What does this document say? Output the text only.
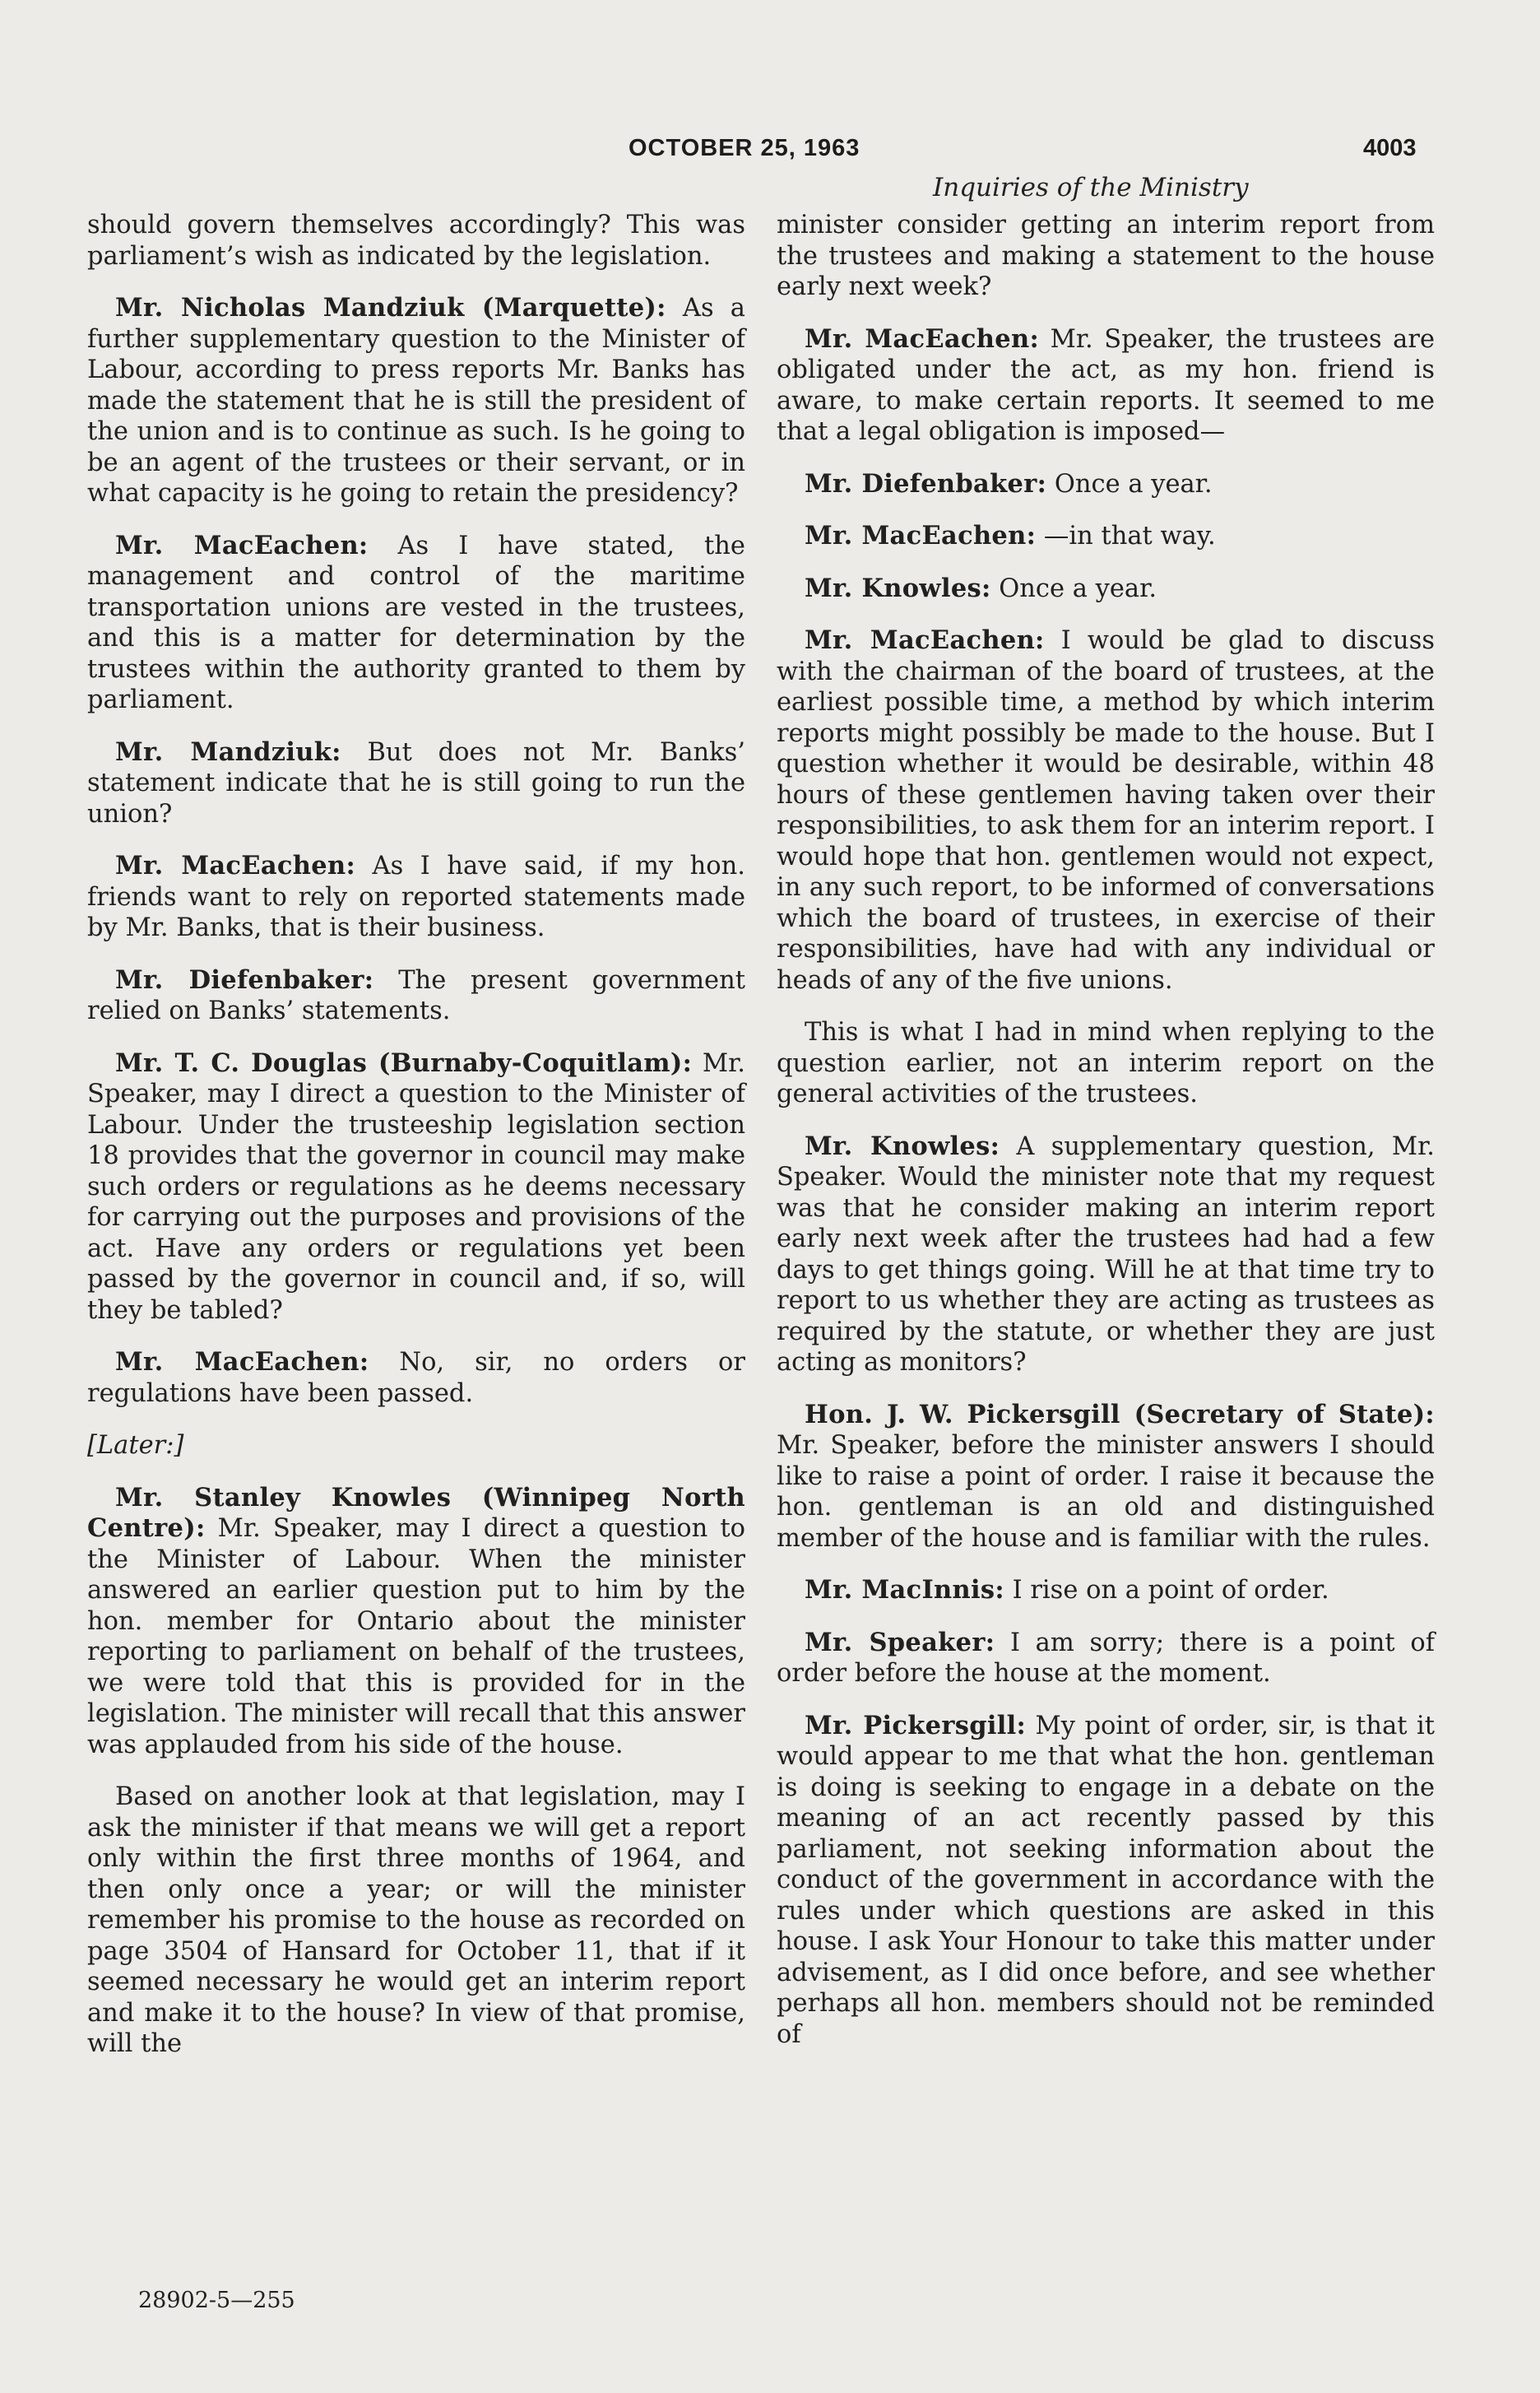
OCTOBER 25, 1963	4003
Inquiries of the Ministry

should govern themselves accordingly? This was parliament’s wish as indicated by the legislation.

Mr. Nicholas Mandziuk (Marquette): As a further supplementary question to the Minister of Labour, according to press reports Mr. Banks has made the statement that he is still the president of the union and is to continue as such. Is he going to be an agent of the trustees or their servant, or in what capacity is he going to retain the presidency?

Mr. MacEachen: As I have stated, the management and control of the maritime transportation unions are vested in the trustees, and this is a matter for determination by the trustees within the authority granted to them by parliament.

Mr. Mandziuk: But does not Mr. Banks’ statement indicate that he is still going to run the union?

Mr. MacEachen: As I have said, if my hon. friends want to rely on reported statements made by Mr. Banks, that is their business.

Mr. Diefenbaker: The present government relied on Banks’ statements.

Mr. T. C. Douglas (Burnaby-Coquitlam): Mr. Speaker, may I direct a question to the Minister of Labour. Under the trusteeship legislation section 18 provides that the governor in council may make such orders or regulations as he deems necessary for carrying out the purposes and provisions of the act. Have any orders or regulations yet been passed by the governor in council and, if so, will they be tabled?

Mr. MacEachen: No, sir, no orders or regulations have been passed.

[Later:]

Mr. Stanley Knowles (Winnipeg North Centre): Mr. Speaker, may I direct a question to the Minister of Labour. When the minister answered an earlier question put to him by the hon. member for Ontario about the minister reporting to parliament on behalf of the trustees, we were told that this is provided for in the legislation. The minister will recall that this answer was applauded from his side of the house.

Based on another look at that legislation, may I ask the minister if that means we will get a report only within the first three months of 1964, and then only once a year; or will the minister remember his promise to the house as recorded on page 3504 of Hansard for October 11, that if it seemed necessary he would get an interim report and make it to the house? In view of that promise, will the

minister consider getting an interim report from the trustees and making a statement to the house early next week?

Mr. MacEachen: Mr. Speaker, the trustees are obligated under the act, as my hon. friend is aware, to make certain reports. It seemed to me that a legal obligation is imposed—

Mr. Diefenbaker: Once a year.

Mr. MacEachen: —in that way.

Mr. Knowles: Once a year.

Mr. MacEachen: I would be glad to discuss with the chairman of the board of trustees, at the earliest possible time, a method by which interim reports might possibly be made to the house. But I question whether it would be desirable, within 48 hours of these gentlemen having taken over their responsibilities, to ask them for an interim report. I would hope that hon. gentlemen would not expect, in any such report, to be informed of conversations which the board of trustees, in exercise of their responsibilities, have had with any individual or heads of any of the five unions.

This is what I had in mind when replying to the question earlier, not an interim report on the general activities of the trustees.

Mr. Knowles: A supplementary question, Mr. Speaker. Would the minister note that my request was that he consider making an interim report early next week after the trustees had had a few days to get things going. Will he at that time try to report to us whether they are acting as trustees as required by the statute, or whether they are just acting as monitors?

Hon. J. W. Pickersgill (Secretary of State): Mr. Speaker, before the minister answers I should like to raise a point of order. I raise it because the hon. gentleman is an old and distinguished member of the house and is familiar with the rules.

Mr. MacInnis: I rise on a point of order.

Mr. Speaker: I am sorry; there is a point of order before the house at the moment.

Mr. Pickersgill: My point of order, sir, is that it would appear to me that what the hon. gentleman is doing is seeking to engage in a debate on the meaning of an act recently passed by this parliament, not seeking information about the conduct of the government in accordance with the rules under which questions are asked in this house. I ask Your Honour to take this matter under advisement, as I did once before, and see whether perhaps all hon. members should not be reminded of

28902-5—255
